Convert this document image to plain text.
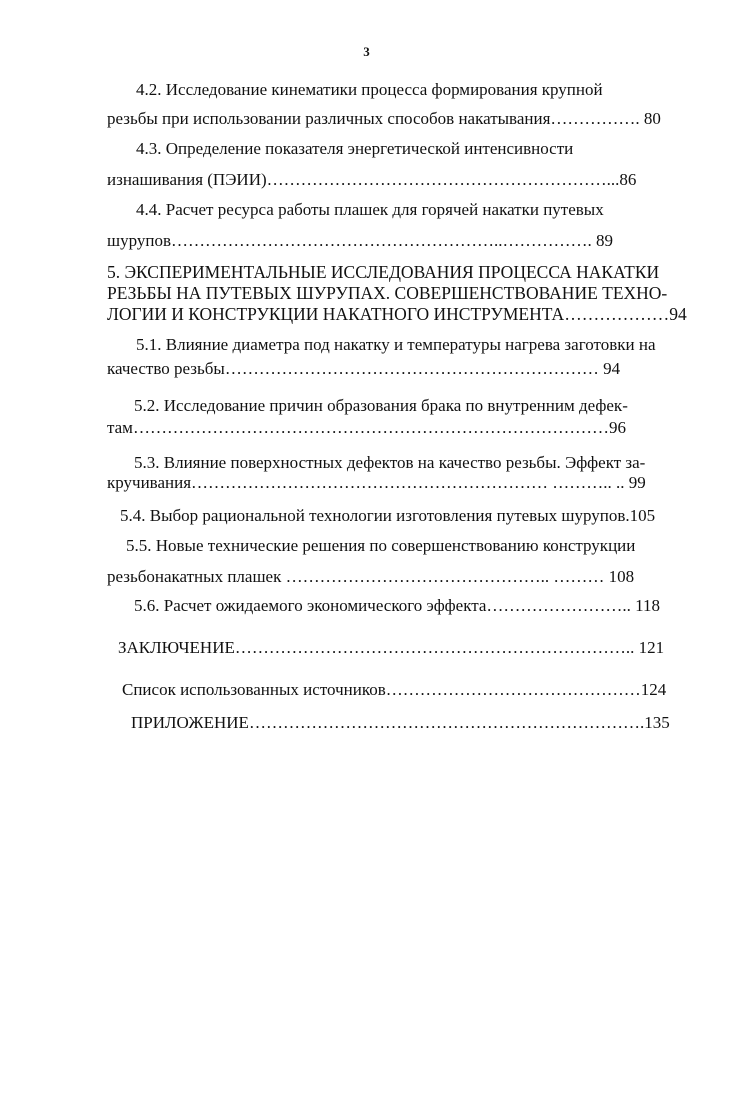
3
4.2. Исследование кинематики процесса формирования крупной
резьбы при использовании различных способов накатывания……………. 80
4.3. Определение показателя энергетической интенсивности
изнашивания (ПЭИИ)……………………………………………………...86
4.4. Расчет ресурса работы плашек для горячей накатки путевых
шурупов…………………………………………………..……………. 89
5. ЭКСПЕРИМЕНТАЛЬНЫЕ ИССЛЕДОВАНИЯ ПРОЦЕССА НАКАТКИ
РЕЗЬБЫ НА ПУТЕВЫХ ШУРУПАХ. СОВЕРШЕНСТВОВАНИЕ ТЕХНО-
ЛОГИИ И КОНСТРУКЦИИ НАКАТНОГО ИНСТРУМЕНТА………………94
5.1. Влияние диаметра под накатку и температуры нагрева заготовки на
качество резьбы………………………………………………………… 94
5.2. Исследование причин образования брака по внутренним дефек-
там…………………………………………………………………………96
5.3. Влияние поверхностных дефектов на качество резьбы. Эффект за-
кручивания……………………………………………………… ……….. .. 99
5.4. Выбор рациональной технологии изготовления путевых шурупов.105
5.5. Новые технические решения по совершенствованию конструкции
резьбонакатных плашек ……………………………………….. ……… 108
5.6. Расчет ожидаемого экономического эффекта…………………….. 118
ЗАКЛЮЧЕНИЕ…………………………………………………………….. 121
Список использованных источников………………………………………124
ПРИЛОЖЕНИЕ…………………………………………………………….135
